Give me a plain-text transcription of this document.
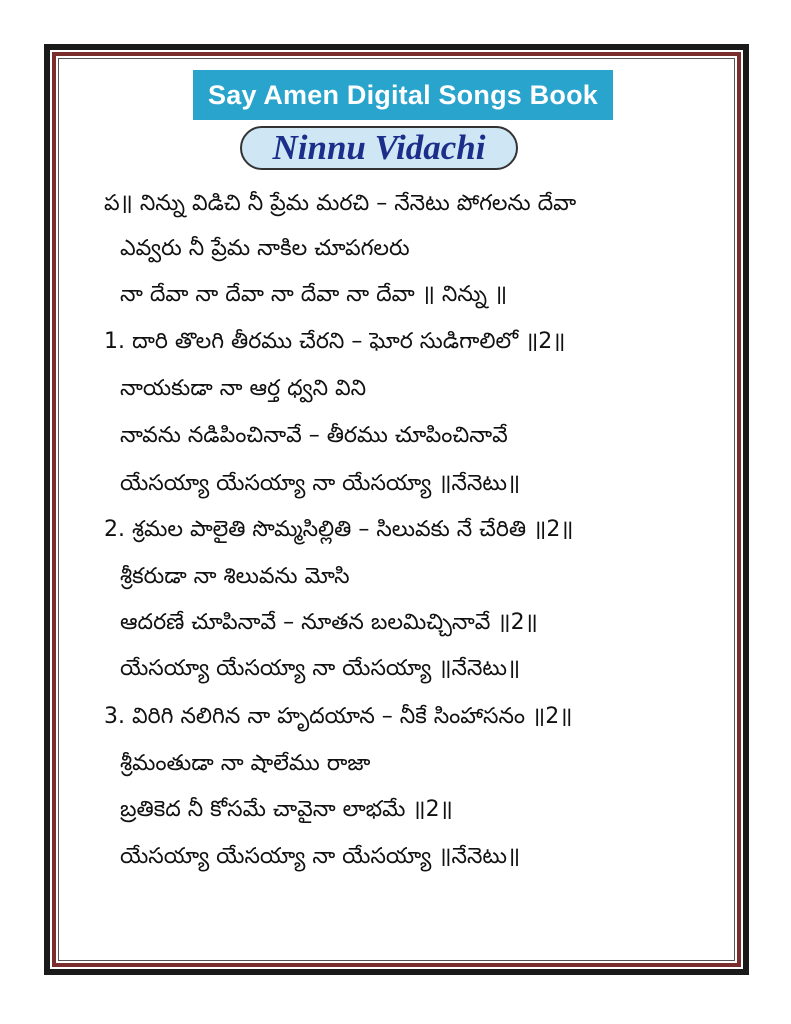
Say Amen Digital Songs Book
Ninnu Vidachi
ప॥ నిన్ను విడిచి నీ ప్రేమ మరచి – నేనెటు పోగలను దేవా
ఎవ్వరు నీ ప్రేమ నాకిల చూపగలరు
నా దేవా నా దేవా నా దేవా నా దేవా ॥ నిన్ను ॥
1. దారి తొలగి తీరము చేరని – ఘోర సుడిగాలిలో ॥2॥
నాయకుడా నా ఆర్త ధ్వని విని
నావను నడిపించినావే – తీరము చూపించినావే
యేసయ్యా యేసయ్యా నా యేసయ్యా ॥నేనెటు॥
2. శ్రమల పాలైతి సొమ్మసిల్లితి – సిలువకు నే చేరితి ॥2॥
శ్రీకరుడా నా శిలువను మోసి
ఆదరణే చూపినావే – నూతన బలమిచ్చినావే ॥2॥
యేసయ్యా యేసయ్యా నా యేసయ్యా ॥నేనెటు॥
3. విరిగి నలిగిన నా హృదయాన – నీకే సింహాసనం ॥2॥
శ్రీమంతుడా నా షాలేము రాజా
బ్రతికెద నీ కోసమే చావైనా లాభమే ॥2॥
యేసయ్యా యేసయ్యా నా యేసయ్యా ॥నేనెటు॥
